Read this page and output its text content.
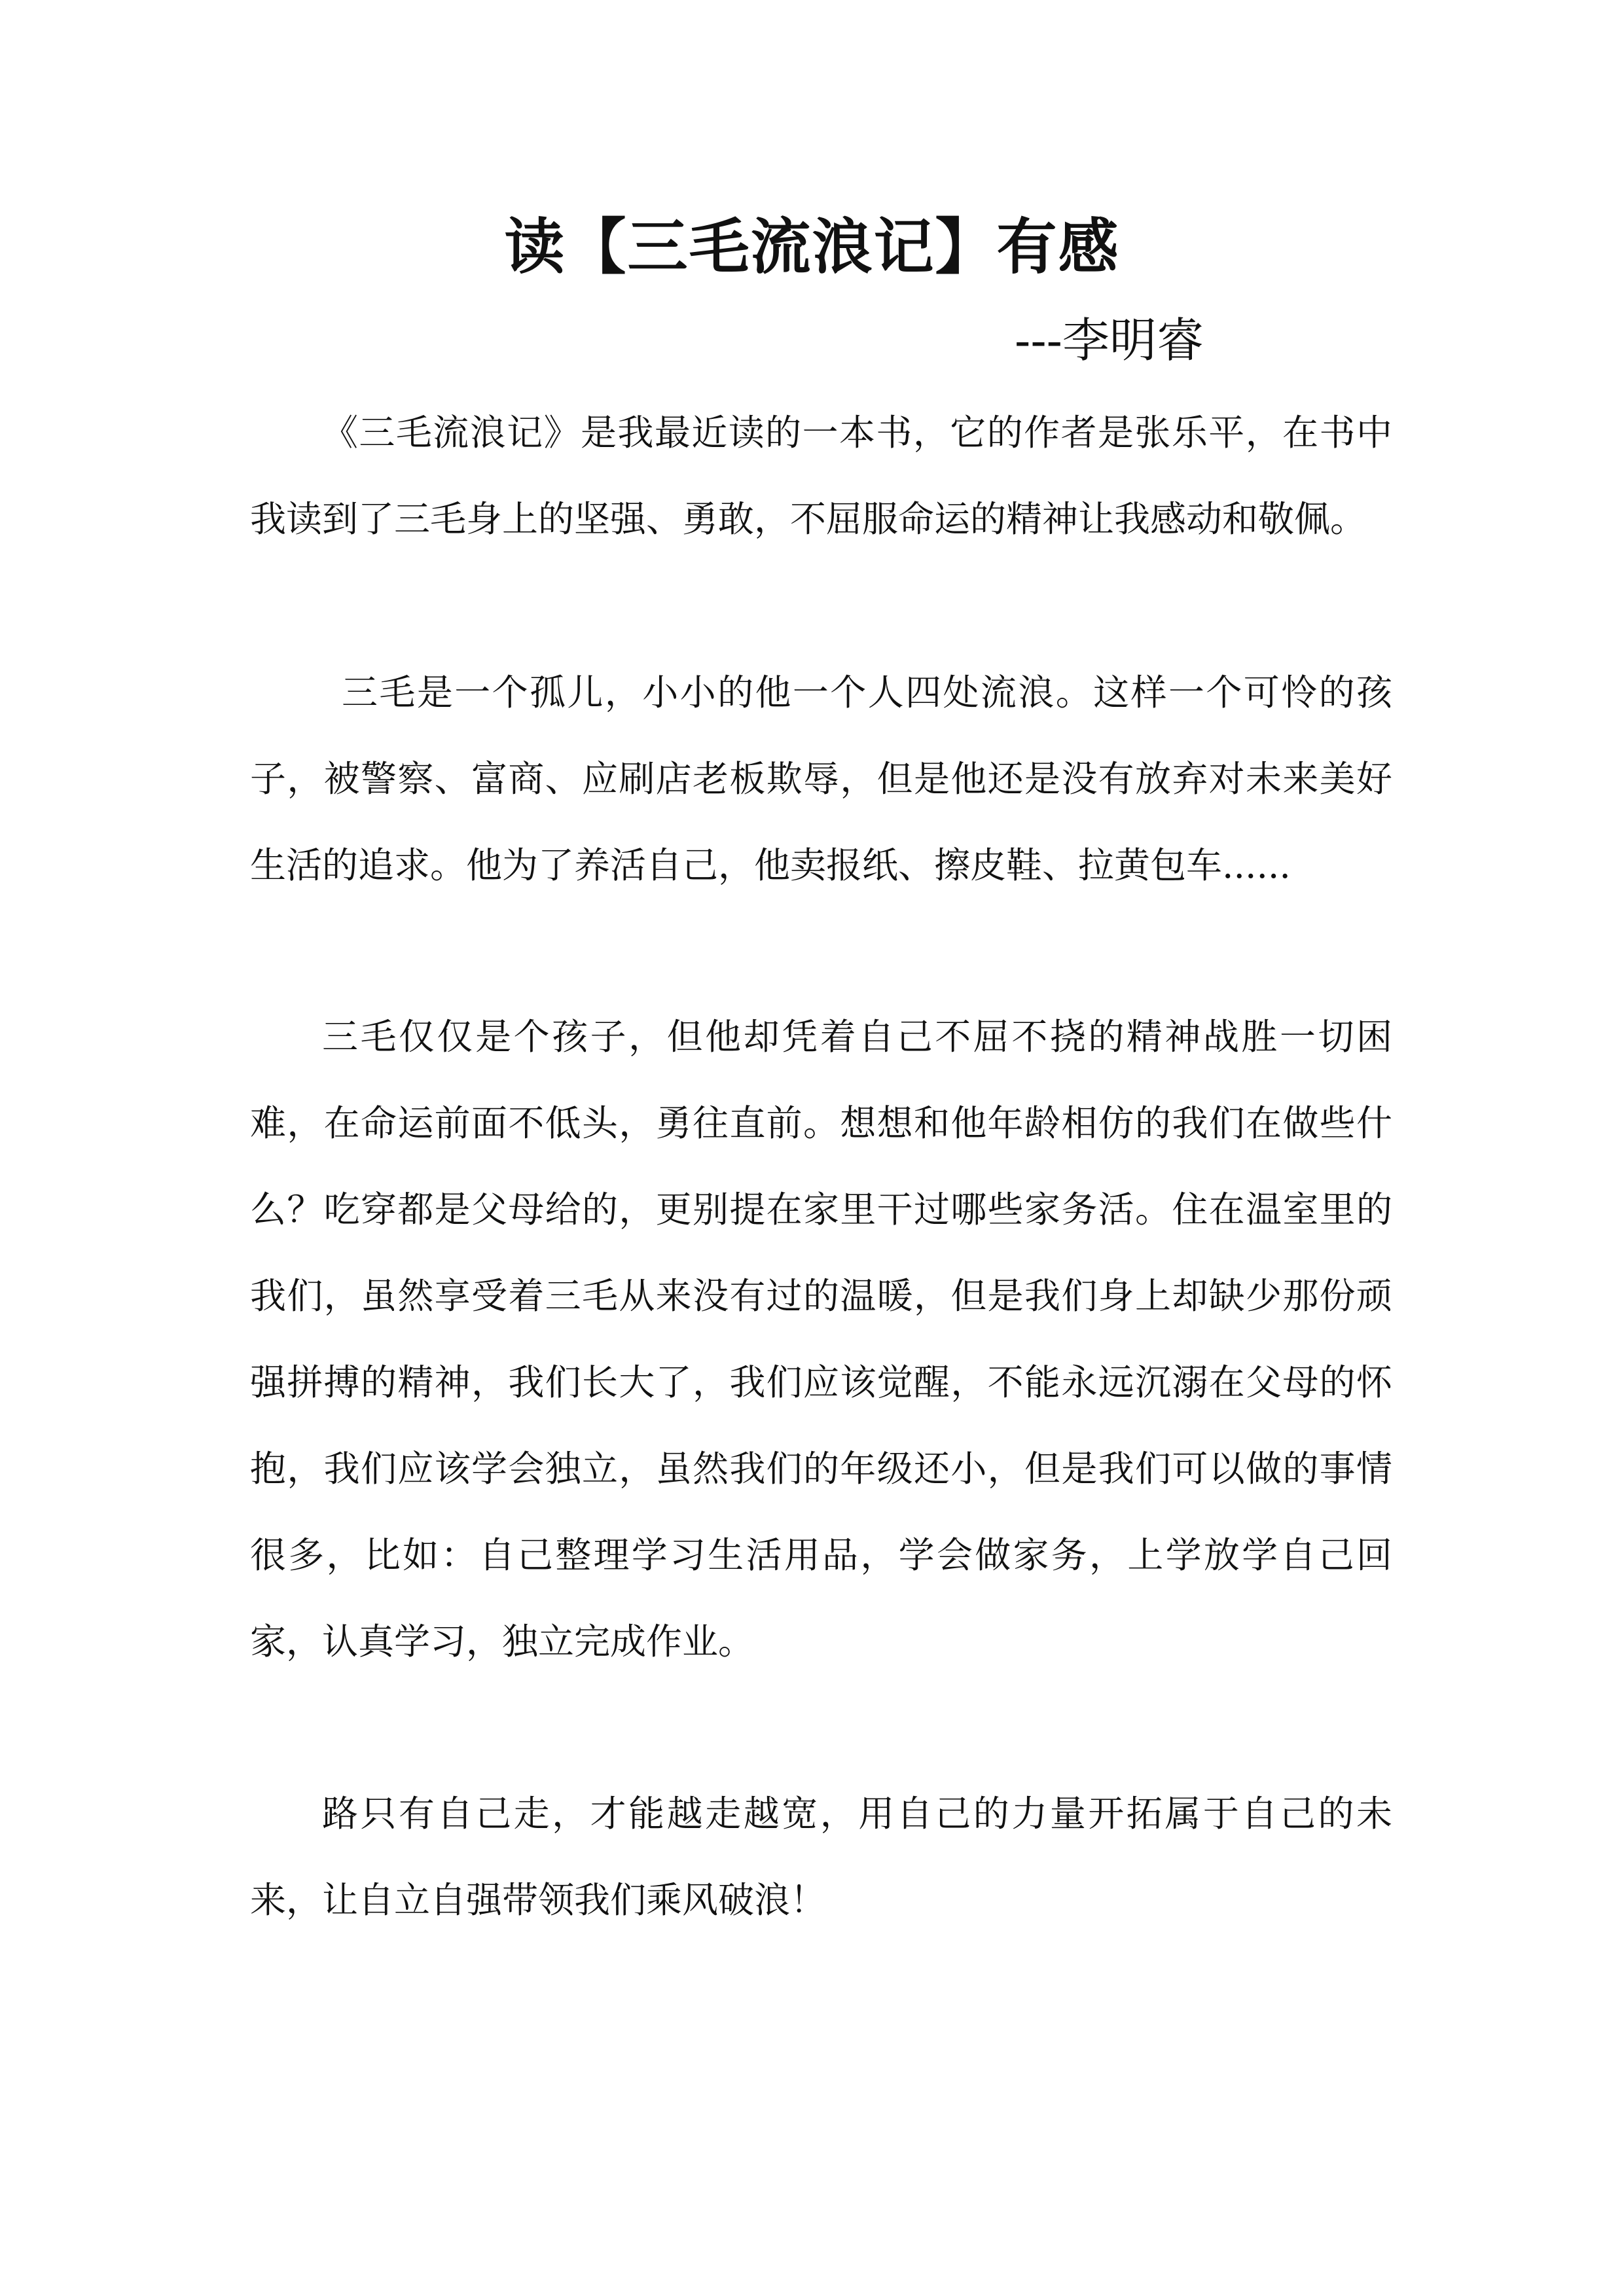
读【三毛流浪记】有感
---李明睿

《三毛流浪记》是我最近读的一本书，它的作者是张乐平，在书中我读到了三毛身上的坚强、勇敢，不屈服命运的精神让我感动和敬佩。

三毛是一个孤儿，小小的他一个人四处流浪。这样一个可怜的孩子，被警察、富商、应刷店老板欺辱，但是他还是没有放弃对未来美好生活的追求。他为了养活自己，他卖报纸、擦皮鞋、拉黄包车......

三毛仅仅是个孩子，但他却凭着自己不屈不挠的精神战胜一切困难，在命运前面不低头，勇往直前。想想和他年龄相仿的我们在做些什么？吃穿都是父母给的，更别提在家里干过哪些家务活。住在温室里的我们，虽然享受着三毛从来没有过的温暖，但是我们身上却缺少那份顽强拼搏的精神，我们长大了，我们应该觉醒，不能永远沉溺在父母的怀抱，我们应该学会独立，虽然我们的年级还小，但是我们可以做的事情很多，比如：自己整理学习生活用品，学会做家务，上学放学自己回家，认真学习，独立完成作业。

路只有自己走，才能越走越宽，用自己的力量开拓属于自己的未来，让自立自强带领我们乘风破浪！
